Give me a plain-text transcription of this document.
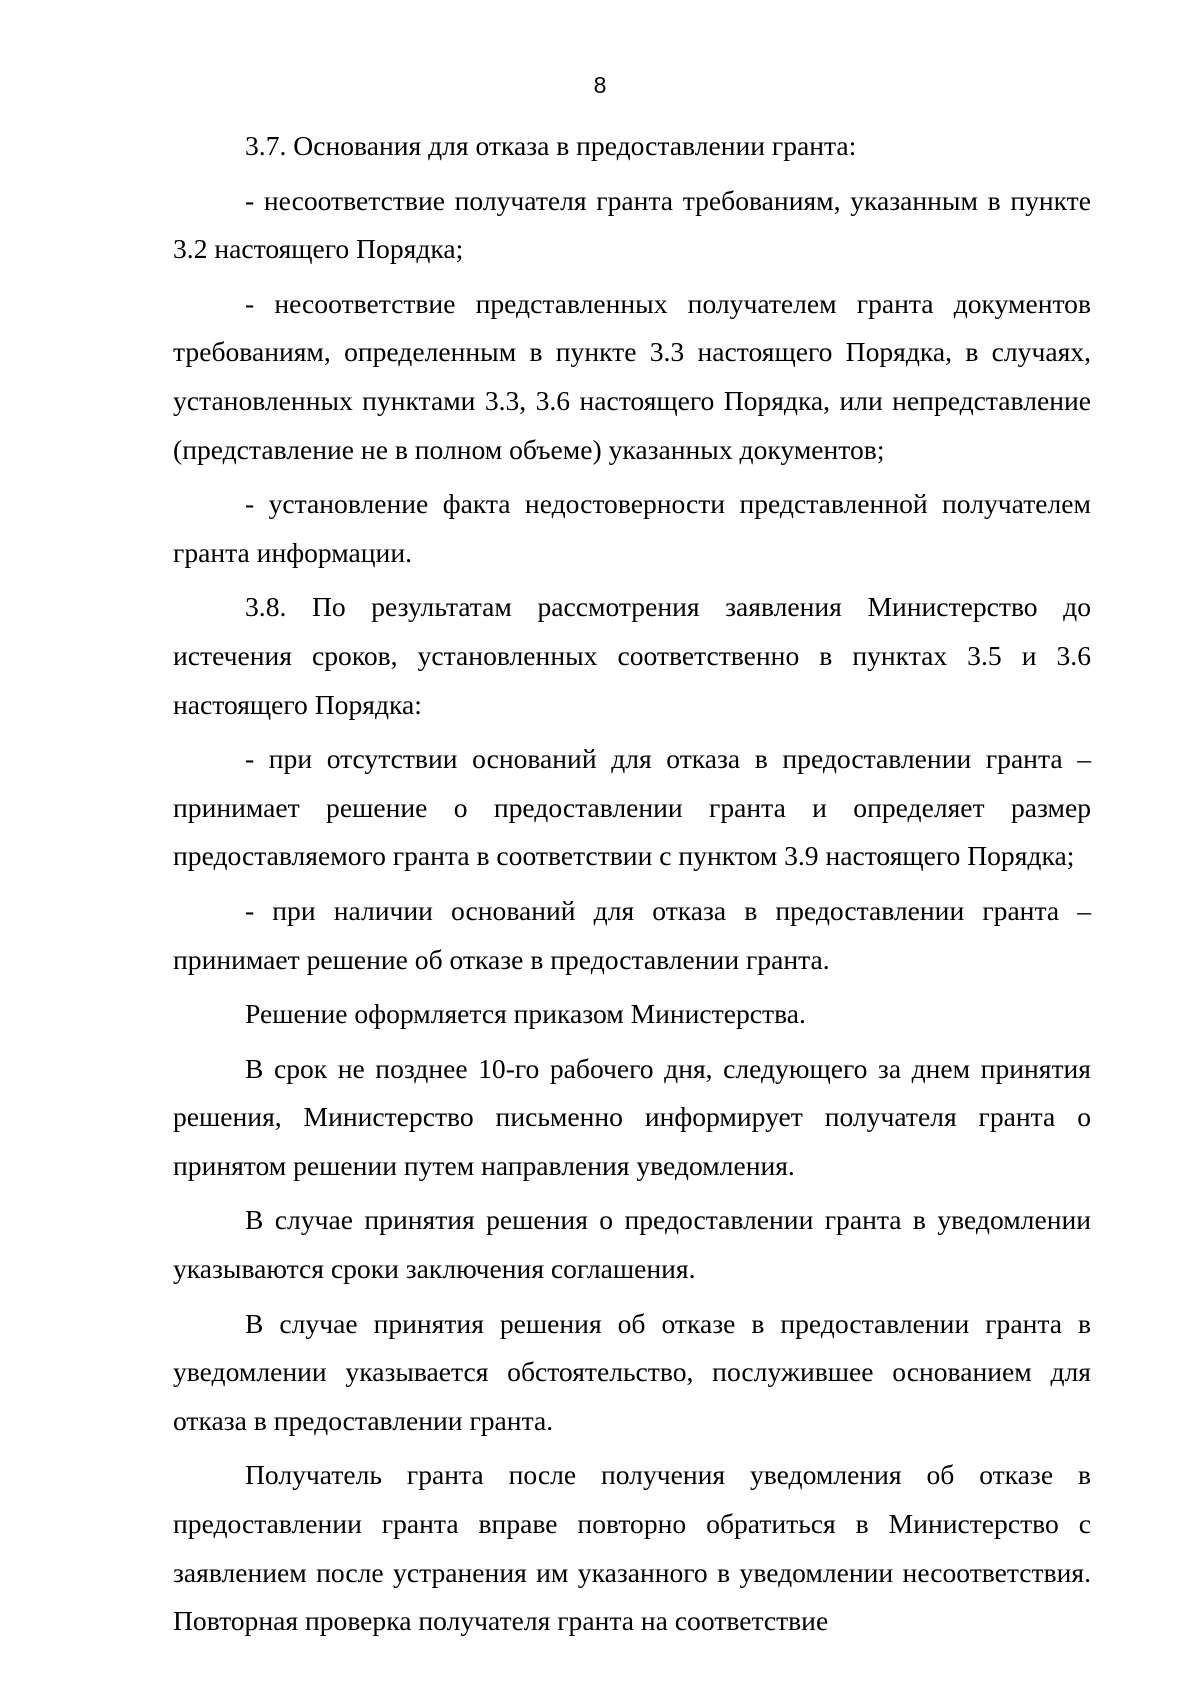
8

3.7. Основания для отказа в предоставлении гранта:

- несоответствие получателя гранта требованиям, указанным в пункте 3.2 настоящего Порядка;

- несоответствие представленных получателем гранта документов требованиям, определенным в пункте 3.3 настоящего Порядка, в случаях, установленных пунктами 3.3, 3.6 настоящего Порядка, или непредставление (представление не в полном объеме) указанных документов;

- установление факта недостоверности представленной получателем гранта информации.

3.8. По результатам рассмотрения заявления Министерство до истечения сроков, установленных соответственно в пунктах 3.5 и 3.6 настоящего Порядка:

- при отсутствии оснований для отказа в предоставлении гранта – принимает решение о предоставлении гранта и определяет размер предоставляемого гранта в соответствии с пунктом 3.9 настоящего Порядка;

- при наличии оснований для отказа в предоставлении гранта – принимает решение об отказе в предоставлении гранта.

Решение оформляется приказом Министерства.

В срок не позднее 10-го рабочего дня, следующего за днем принятия решения, Министерство письменно информирует получателя гранта о принятом решении путем направления уведомления.

В случае принятия решения о предоставлении гранта в уведомлении указываются сроки заключения соглашения.

В случае принятия решения об отказе в предоставлении гранта в уведомлении указывается обстоятельство, послужившее основанием для отказа в предоставлении гранта.

Получатель гранта после получения уведомления об отказе в предоставлении гранта вправе повторно обратиться в Министерство с заявлением после устранения им указанного в уведомлении несоответствия. Повторная проверка получателя гранта на соответствие
